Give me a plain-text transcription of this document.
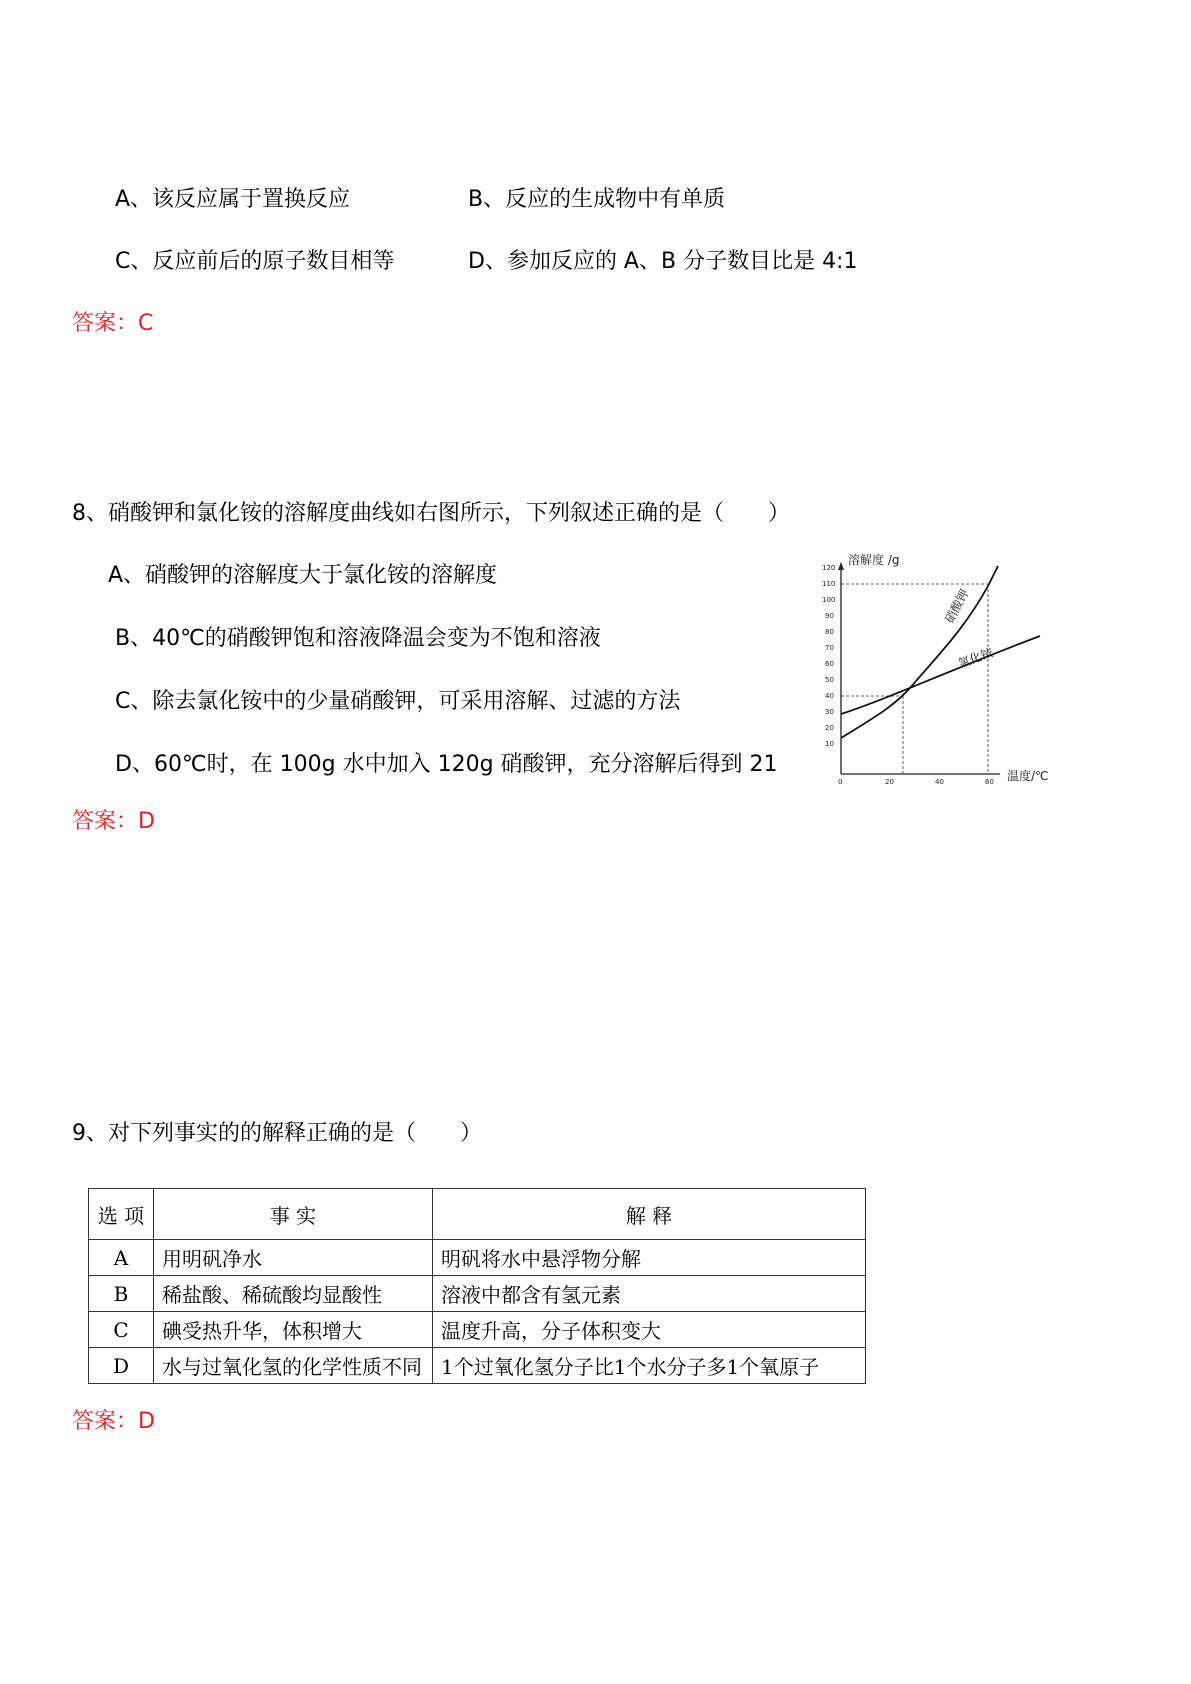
A、该反应属于置换反应	B、反应的生成物中有单质
C、反应前后的原子数目相等	D、参加反应的 A、B 分子数目比是 4:1
答案：C
8、硝酸钾和氯化铵的溶解度曲线如右图所示，下列叙述正确的是（　　）
A、硝酸钾的溶解度大于氯化铵的溶解度
B、40℃的硝酸钾饱和溶液降温会变为不饱和溶液
C、除去氯化铵中的少量硝酸钾，可采用溶解、过滤的方法
D、60℃时，在 100g 水中加入 120g 硝酸钾，充分溶解后得到 21
溶解度 /g
温度/℃
120
110
100
90
80
70
60
50
40
30
20
10
0	20	40	60
硝酸钾
氯化铵
答案：D
9、对下列事实的的解释正确的是（　　）
选 项	事 实	解 释
A	用明矾净水	明矾将水中悬浮物分解
B	稀盐酸、稀硫酸均显酸性	溶液中都含有氢元素
C	碘受热升华，体积增大	温度升高，分子体积变大
D	水与过氧化氢的化学性质不同	1个过氧化氢分子比1个水分子多1个氧原子
答案：D
